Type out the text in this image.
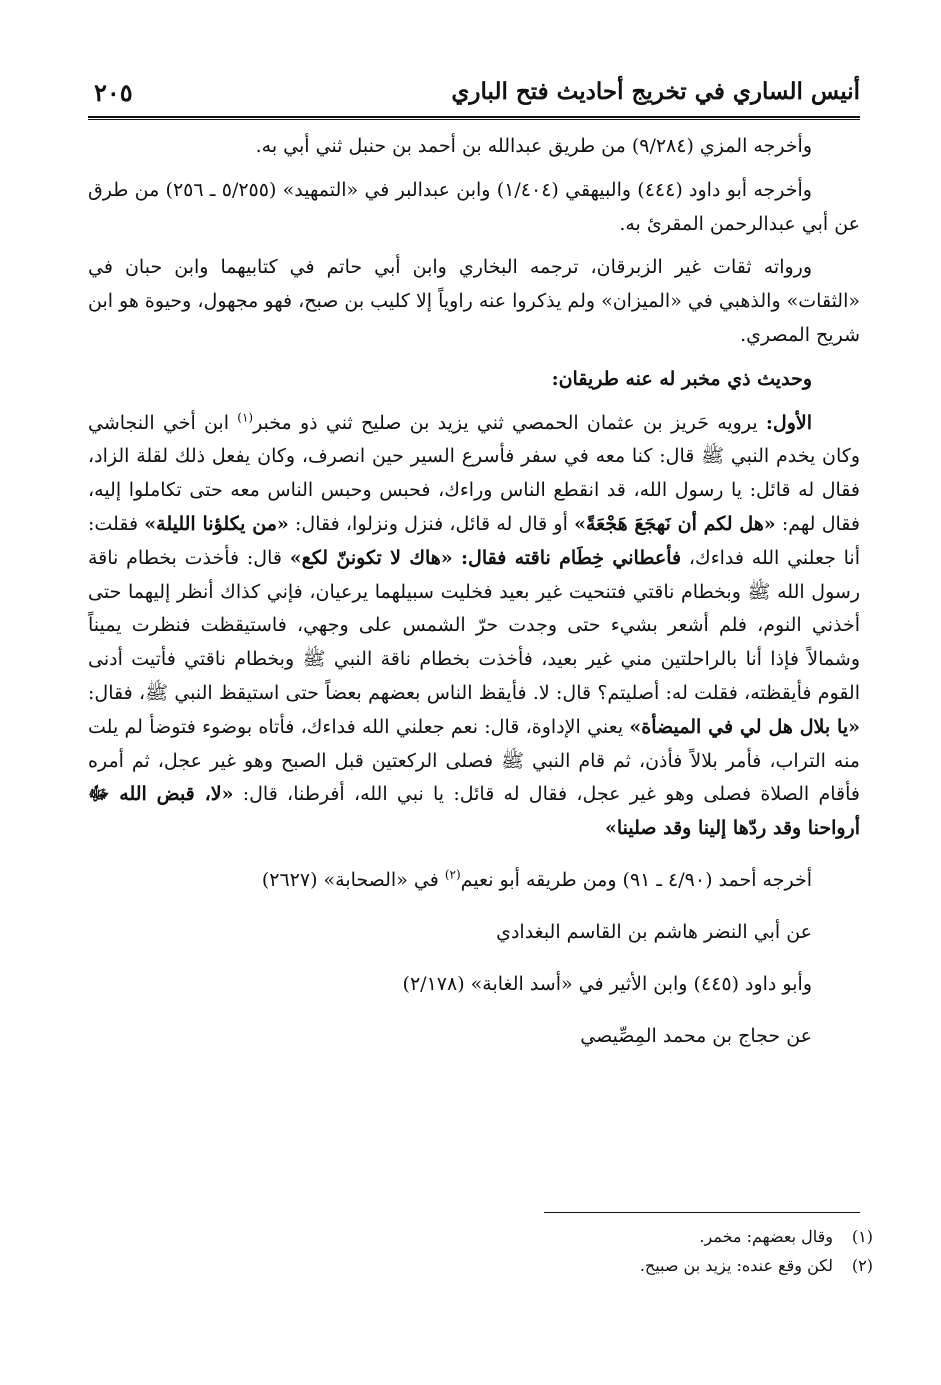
أنيس الساري في تخريج أحاديث فتح الباري
٢٠٥

وأخرجه المزي (٩/٢٨٤) من طريق عبدالله بن أحمد بن حنبل ثني أبي به.

وأخرجه أبو داود (٤٤٤) والبيهقي (١/٤٠٤) وابن عبدالبر في «التمهيد» (٥/٢٥٥ ـ ٢٥٦) من طرق عن أبي عبدالرحمن المقرئ به.

ورواته ثقات غير الزبرقان، ترجمه البخاري وابن أبي حاتم في كتابيهما وابن حبان في «الثقات» والذهبي في «الميزان» ولم يذكروا عنه راوياً إلا كليب بن صبح، فهو مجهول، وحيوة هو ابن شريح المصري.

وحديث ذي مخبر له عنه طريقان:

الأول: يرويه حَريز بن عثمان الحمصي ثني يزيد بن صليح ثني ذو مخبر$^{(١)}$ ابن أخي النجاشي وكان يخدم النبي ﷺ قال: كنا معه في سفر فأسرع السير حين انصرف، وكان يفعل ذلك لقلة الزاد، فقال له قائل: يا رسول الله، قد انقطع الناس وراءك، فحبس وحبس الناس معه حتى تكاملوا إليه، فقال لهم: «هل لكم أن نَهجَعَ هَجْعَةً» أو قال له قائل، فنزل ونزلوا، فقال: «من يكلؤنا الليلة» فقلت: أنا جعلني الله فداءك، فأعطاني خِطَام ناقته فقال: «هاك لا تكوننّ لكع» قال: فأخذت بخطام ناقة رسول الله ﷺ وبخطام ناقتي فتنحيت غير بعيد فخليت سبيلهما يرعيان، فإني كذاك أنظر إليهما حتى أخذني النوم، فلم أشعر بشيء حتى وجدت حرّ الشمس على وجهي، فاستيقظت فنظرت يميناً وشمالاً فإذا أنا بالراحلتين مني غير بعيد، فأخذت بخطام ناقة النبي ﷺ وبخطام ناقتي فأتيت أدنى القوم فأيقظته، فقلت له: أصليتم؟ قال: لا. فأيقظ الناس بعضهم بعضاً حتى استيقظ النبي ﷺ، فقال: «يا بلال هل لي في الميضأة» يعني الإداوة، قال: نعم جعلني الله فداءك، فأتاه بوضوء فتوضأ لم يلت منه التراب، فأمر بلالاً فأذن، ثم قام النبي ﷺ فصلى الركعتين قبل الصبح وهو غير عجل، ثم أمره فأقام الصلاة فصلى وهو غير عجل، فقال له قائل: يا نبي الله، أفرطنا، قال: «لا، قبض الله ﷻ أرواحنا وقد ردّها إلينا وقد صلينا»

أخرجه أحمد (٤/٩٠ ـ ٩١) ومن طريقه أبو نعيم$^{(٢)}$ في «الصحابة» (٢٦٢٧)
عن أبي النضر هاشم بن القاسم البغدادي
وأبو داود (٤٤٥) وابن الأثير في «أسد الغابة» (٢/١٧٨)
عن حجاج بن محمد المِصِّيصي
(١)وقال بعضهم: مخمر.
(٢)لكن وقع عنده: يزيد بن صبيح.
